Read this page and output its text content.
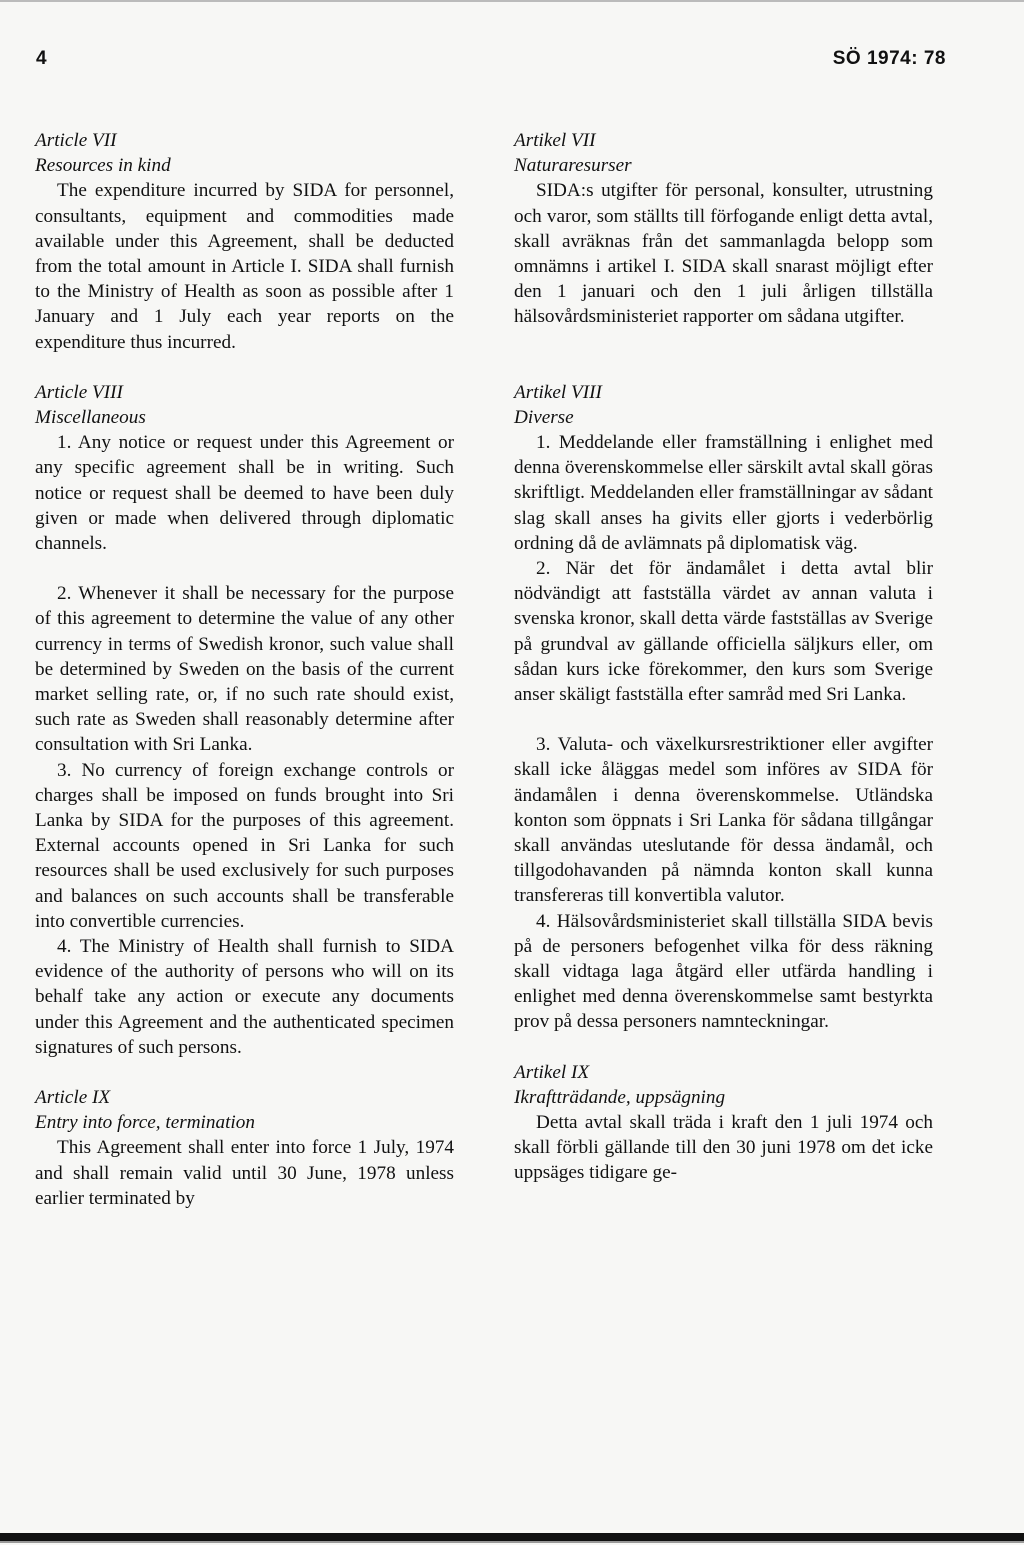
4	SÖ 1974: 78
Article VII
Resources in kind

The expenditure incurred by SIDA for personnel, consultants, equipment and commodities made available under this Agreement, shall be deducted from the total amount in Article I. SIDA shall furnish to the Ministry of Health as soon as possible after 1 January and 1 July each year reports on the expenditure thus incurred.

Article VIII
Miscellaneous

1. Any notice or request under this Agreement or any specific agreement shall be in writing. Such notice or request shall be deemed to have been duly given or made when delivered through diplomatic channels.

2. Whenever it shall be necessary for the purpose of this agreement to determine the value of any other currency in terms of Swedish kronor, such value shall be determined by Sweden on the basis of the current market selling rate, or, if no such rate should exist, such rate as Sweden shall reasonably determine after consultation with Sri Lanka.

3. No currency of foreign exchange controls or charges shall be imposed on funds brought into Sri Lanka by SIDA for the purposes of this agreement. External accounts opened in Sri Lanka for such resources shall be used exclusively for such purposes and balances on such accounts shall be transferable into convertible currencies.

4. The Ministry of Health shall furnish to SIDA evidence of the authority of persons who will on its behalf take any action or execute any documents under this Agreement and the authenticated specimen signatures of such persons.

Article IX
Entry into force, termination

This Agreement shall enter into force 1 July, 1974 and shall remain valid until 30 June, 1978 unless earlier terminated by

Artikel VII
Naturaresurser

SIDA:s utgifter för personal, konsulter, utrustning och varor, som ställts till förfogande enligt detta avtal, skall avräknas från det sammanlagda belopp som omnämns i artikel I. SIDA skall snarast möjligt efter den 1 januari och den 1 juli årligen tillställa hälsovårdsministeriet rapporter om sådana utgifter.

Artikel VIII
Diverse

1. Meddelande eller framställning i enlighet med denna överenskommelse eller särskilt avtal skall göras skriftligt. Meddelanden eller framställningar av sådant slag skall anses ha givits eller gjorts i vederbörlig ordning då de avlämnats på diplomatisk väg.

2. När det för ändamålet i detta avtal blir nödvändigt att fastställa värdet av annan valuta i svenska kronor, skall detta värde fastställas av Sverige på grundval av gällande officiella säljkurs eller, om sådan kurs icke förekommer, den kurs som Sverige anser skäligt fastställa efter samråd med Sri Lanka.

3. Valuta- och växelkursrestriktioner eller avgifter skall icke åläggas medel som införes av SIDA för ändamålen i denna överenskommelse. Utländska konton som öppnats i Sri Lanka för sådana tillgångar skall användas uteslutande för dessa ändamål, och tillgodohavanden på nämnda konton skall kunna transfereras till konvertibla valutor.

4. Hälsovårdsministeriet skall tillställa SIDA bevis på de personers befogenhet vilka för dess räkning skall vidtaga laga åtgärd eller utfärda handling i enlighet med denna överenskommelse samt bestyrkta prov på dessa personers namnteckningar.

Artikel IX
Ikraftträdande, uppsägning

Detta avtal skall träda i kraft den 1 juli 1974 och skall förbli gällande till den 30 juni 1978 om det icke uppsäges tidigare ge-
